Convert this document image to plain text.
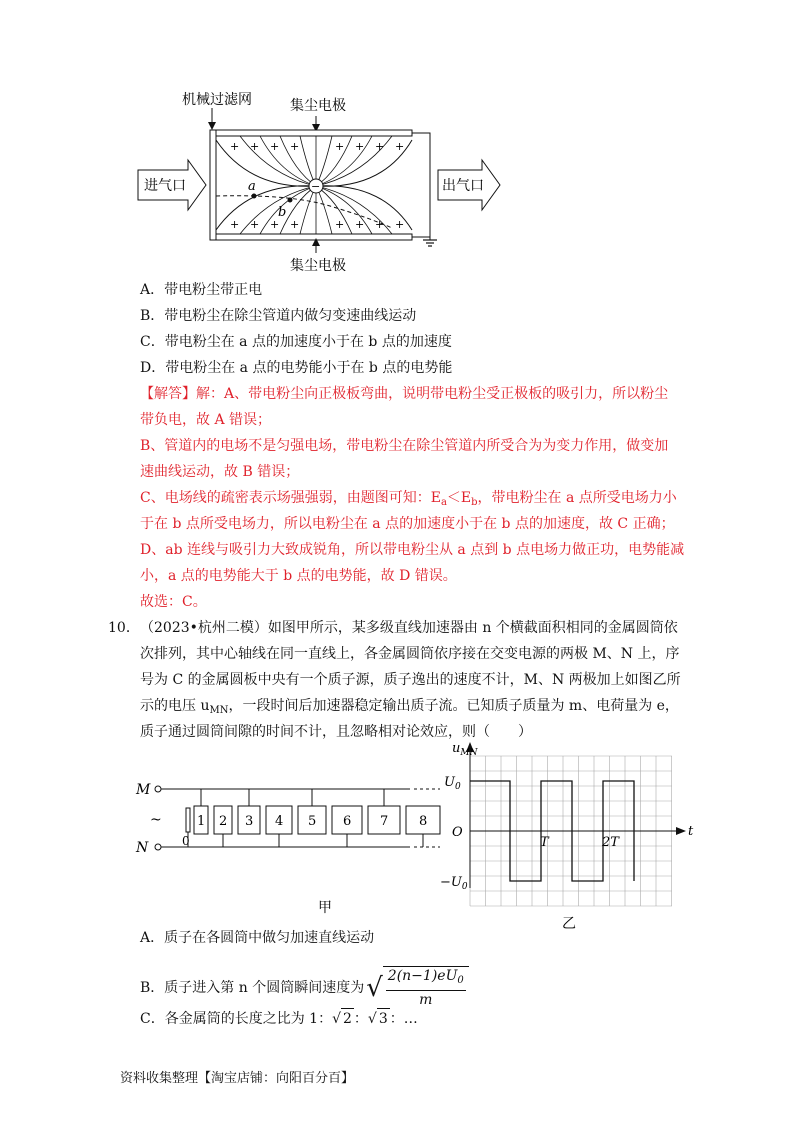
机械过滤网	集尘电极
+ + + +	+ + + +
+ + + +	+ + + +
−
a
b
进气口	出气口
集尘电极
A．带电粉尘带正电
B．带电粉尘在除尘管道内做匀变速曲线运动
C．带电粉尘在 a 点的加速度小于在 b 点的加速度
D．带电粉尘在 a 点的电势能小于在 b 点的电势能
【解答】解：A、带电粉尘向正极板弯曲，说明带电粉尘受正极板的吸引力，所以粉尘
带负电，故 A 错误；
B、管道内的电场不是匀强电场，带电粉尘在除尘管道内所受合为为变力作用，做变加
速曲线运动，故 B 错误；
C、电场线的疏密表示场强强弱，由题图可知：$E_a<E_b$，带电粉尘在 a 点所受电场力小
于在 b 点所受电场力，所以电粉尘在 a 点的加速度小于在 b 点的加速度，故 C 正确；
D、ab 连线与吸引力大致成锐角，所以带电粉尘从 a 点到 b 点电场力做正功，电势能减
小，a 点的电势能大于 b 点的电势能，故 D 错误。
故选：C。
10． （2023•杭州二模）如图甲所示，某多级直线加速器由 n 个横截面积相同的金属圆筒依
次排列，其中心轴线在同一直线上，各金属圆筒依序接在交变电源的两极 M、N 上，序
号为 C 的金属圆板中央有一个质子源，质子逸出的速度不计，M、N 两极加上如图乙所
示的电压 $u_{MN}$，一段时间后加速器稳定输出质子流。已知质子质量为 m、电荷量为 e，
质子通过圆筒间隙的时间不计，且忽略相对论效应，则（　　）
M
N
~
0
1 2 3 4 5 6 7 8
甲
$u_{MN}$
t
O
$U_0$
$-U_0$
T	2T
乙
A．质子在各圆筒中做匀加速直线运动
B．质子进入第 n 个圆筒瞬间速度为 √ $2(n-1)eU_0$
m
C．各金属筒的长度之比为 1：√ 2 ：√ 3 ：…
资料收集整理【淘宝店铺：向阳百分百】
